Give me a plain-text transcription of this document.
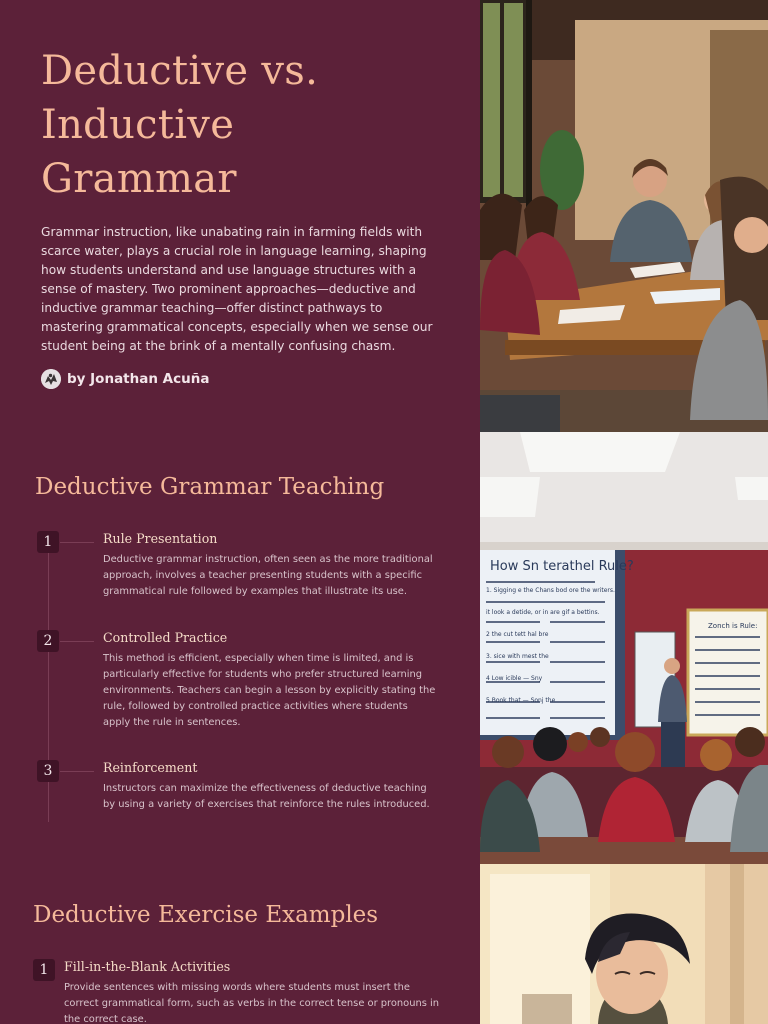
Deductive vs. Inductive Grammar

Grammar instruction, like unabating rain in farming fields with scarce water, plays a crucial role in language learning, shaping how students understand and use language structures with a sense of mastery. Two prominent approaches—deductive and inductive grammar teaching—offer distinct pathways to mastering grammatical concepts, especially when we sense our student being at the brink of a mentally confusing chasm.

by Jonathan Acuña
Deductive Grammar Teaching
1	Rule Presentation

Deductive grammar instruction, often seen as the more traditional approach, involves a teacher presenting students with a specific grammatical rule followed by examples that illustrate its use.

2	Controlled Practice

This method is efficient, especially when time is limited, and is particularly effective for students who prefer structured learning environments. Teachers can begin a lesson by explicitly stating the rule, followed by controlled practice activities where students apply the rule in sentences.

3	Reinforcement

Instructors can maximize the effectiveness of deductive teaching by using a variety of exercises that reinforce the rules introduced.

How Sn terathel Rule?
Zonch is Rule:
1. Sigging e the Chans bod ore the writers.
it look a detide, or in are gif a bettins.
2 the cut tett hal bre
3. sice with mest the
4 Low icible — Sny
5 Book that — Sonj the
Deductive Exercise Examples
1	Fill-in-the-Blank Activities

Provide sentences with missing words where students must insert the correct grammatical form, such as verbs in the correct tense or pronouns in the correct case.
